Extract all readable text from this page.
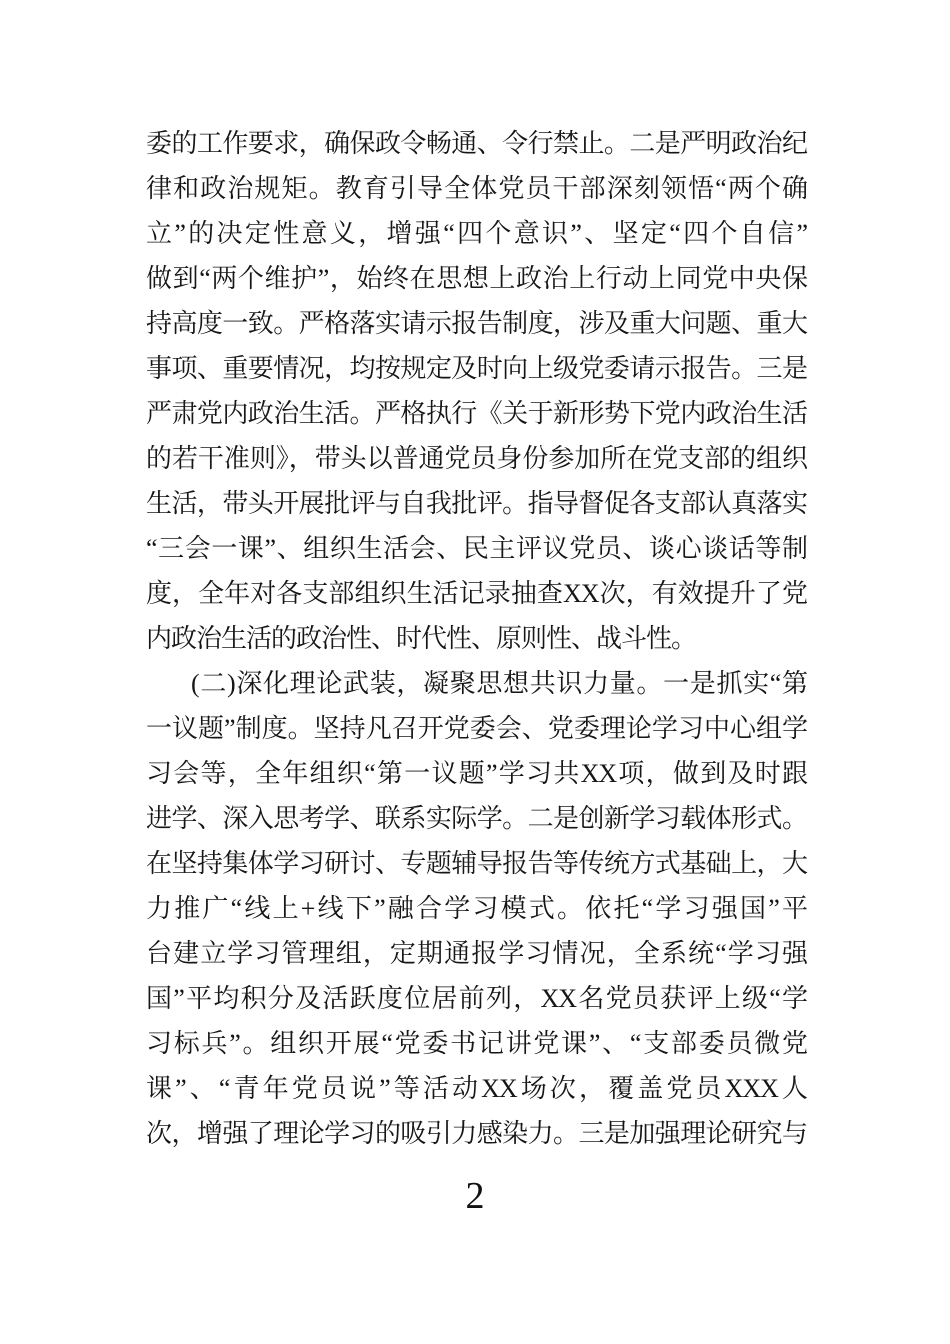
委的工作要求，确保政令畅通、令行禁止。二是严明政治纪
律和政治规矩。教育引导全体党员干部深刻领悟“两个确
立”的决定性意义，增强“四个意识”、坚定“四个自信”
做到“两个维护”，始终在思想上政治上行动上同党中央保
持高度一致。严格落实请示报告制度，涉及重大问题、重大
事项、重要情况，均按规定及时向上级党委请示报告。三是
严肃党内政治生活。严格执行《关于新形势下党内政治生活
的若干准则》，带头以普通党员身份参加所在党支部的组织
生活，带头开展批评与自我批评。指导督促各支部认真落实
“三会一课”、组织生活会、民主评议党员、谈心谈话等制
度，全年对各支部组织生活记录抽查XX次，有效提升了党
内政治生活的政治性、时代性、原则性、战斗性。
(二)深化理论武装，凝聚思想共识力量。一是抓实“第
一议题”制度。坚持凡召开党委会、党委理论学习中心组学
习会等，全年组织“第一议题”学习共XX项，做到及时跟
进学、深入思考学、联系实际学。二是创新学习载体形式。
在坚持集体学习研讨、专题辅导报告等传统方式基础上，大
力推广“线上+线下”融合学习模式。依托“学习强国”平
台建立学习管理组，定期通报学习情况，全系统“学习强
国”平均积分及活跃度位居前列，XX名党员获评上级“学
习标兵”。组织开展“党委书记讲党课”、“支部委员微党
课”、“青年党员说”等活动XX场次，覆盖党员XXX人
次，增强了理论学习的吸引力感染力。三是加强理论研究与
2
